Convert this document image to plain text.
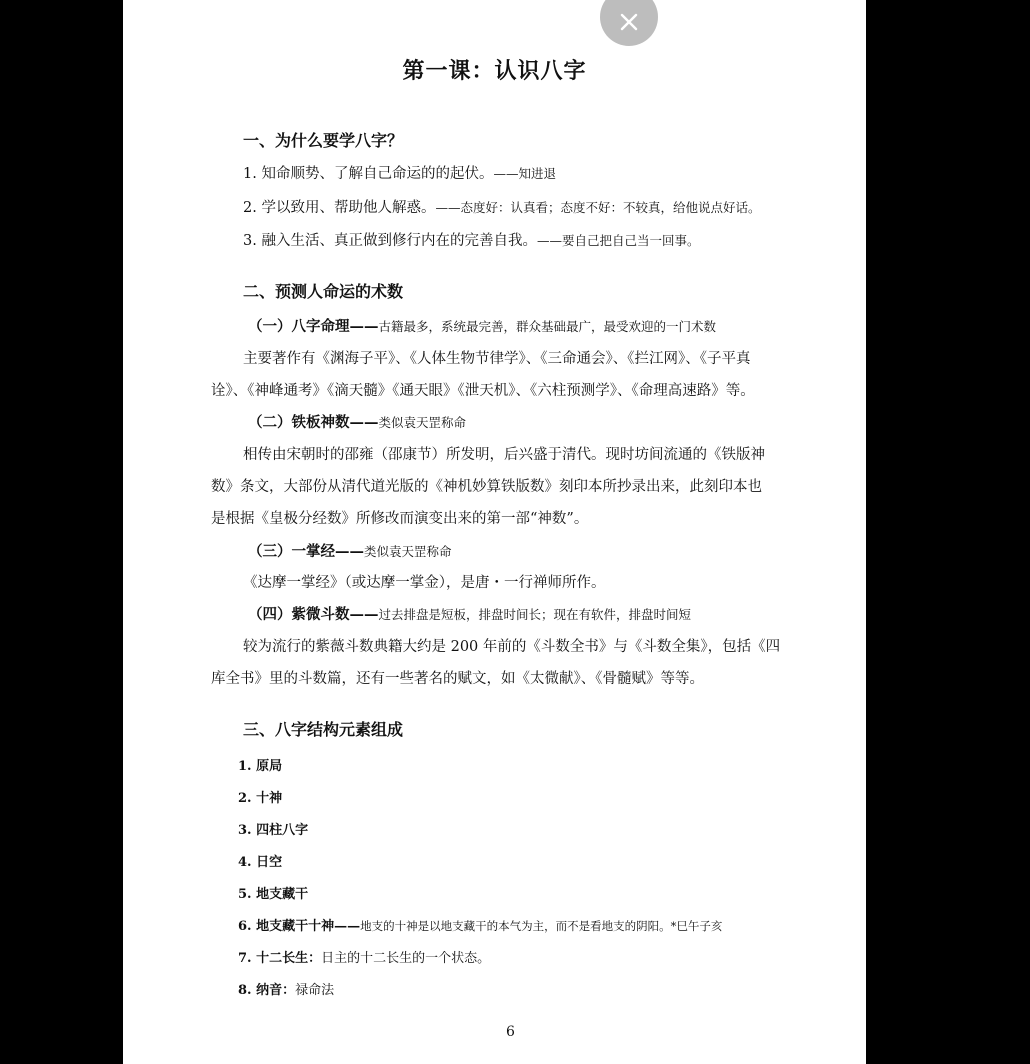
第一课：认识八字
一、为什么要学八字？
1. 知命顺势、了解自己命运的的起伏。——知进退
2. 学以致用、帮助他人解惑。——态度好：认真看；态度不好：不较真，给他说点好话。
3. 融入生活、真正做到修行内在的完善自我。——要自己把自己当一回事。
二、预测人命运的术数
（一）八字命理——古籍最多，系统最完善，群众基础最广，最受欢迎的一门术数
主要著作有《渊海子平》、《人体生物节律学》、《三命通会》、《拦江网》、《子平真
诠》、《神峰通考》《滴天髓》《通天眼》《泄天机》、《六柱预测学》、《命理高速路》等。
（二）铁板神数——类似袁天罡称命
相传由宋朝时的邵雍（邵康节）所发明，后兴盛于清代。现时坊间流通的《铁版神
数》条文，大部份从清代道光版的《神机妙算铁版数》刻印本所抄录出来，此刻印本也
是根据《皇极分经数》所修改而演变出来的第一部“神数”。
（三）一掌经——类似袁天罡称命
《达摩一掌经》（或达摩一掌金），是唐・一行禅师所作。
（四）紫微斗数——过去排盘是短板，排盘时间长；现在有软件，排盘时间短
较为流行的紫薇斗数典籍大约是 200 年前的《斗数全书》与《斗数全集》，包括《四
库全书》里的斗数篇，还有一些著名的赋文，如《太微献》、《骨髓赋》等等。
三、八字结构元素组成
1. 原局
2. 十神
3. 四柱八字
4. 日空
5. 地支藏干
6. 地支藏干十神——地支的十神是以地支藏干的本气为主，而不是看地支的阴阳。*巳午子亥
7. 十二长生：日主的十二长生的一个状态。
8. 纳音：禄命法
6
